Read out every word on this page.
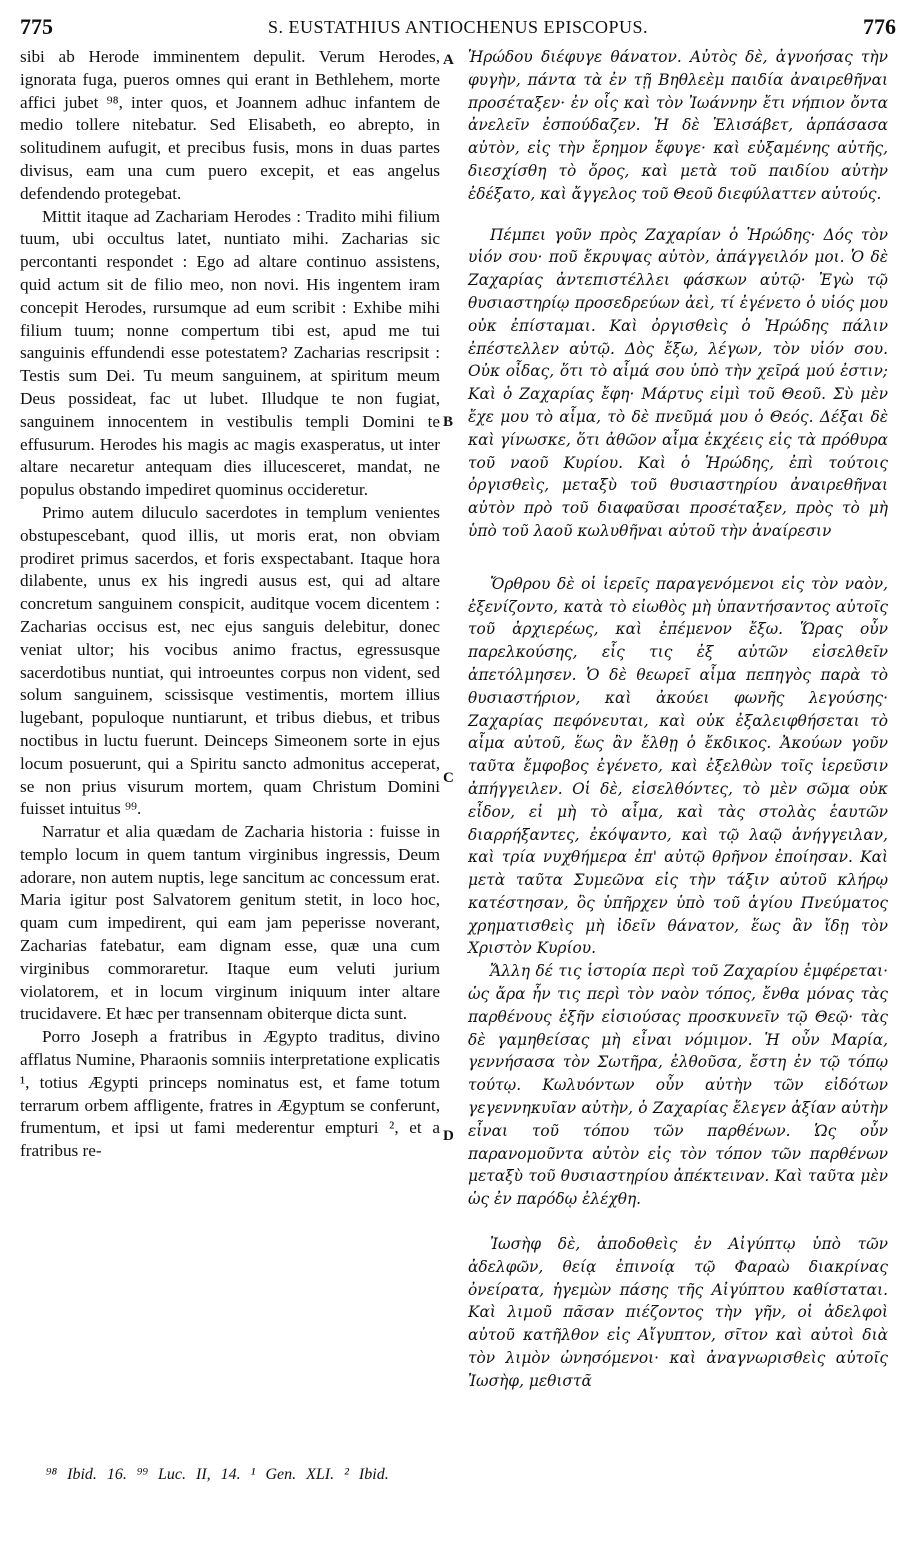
775	S. EUSTATHIUS ANTIOCHENUS EPISCOPUS.	776

sibi ab Herode imminentem depulit. Verum Herodes, ignorata fuga, pueros omnes qui erant in Bethlehem, morte affici jubet ⁹⁸, inter quos, et Joannem adhuc infantem de medio tollere nitebatur. Sed Elisabeth, eo abrepto, in solitudinem aufugit, et precibus fusis, mons in duas partes divisus, eam una cum puero excepit, et eas angelus defendendo protegebat.

Mittit itaque ad Zachariam Herodes : Tradito mihi filium tuum, ubi occultus latet, nuntiato mihi. Zacharias sic percontanti respondet : Ego ad altare continuo assistens, quid actum sit de filio meo, non novi. His ingentem iram concepit Herodes, rursumque ad eum scribit : Exhibe mihi filium tuum; nonne compertum tibi est, apud me tui sanguinis effundendi esse potestatem? Zacharias rescripsit : Testis sum Dei. Tu meum sanguinem, at spiritum meum Deus possideat, fac ut lubet. Illudque te non fugiat, sanguinem innocentem in vestibulis templi Domini te effusurum. Herodes his magis ac magis exasperatus, ut inter altare necaretur antequam dies illucesceret, mandat, ne populus obstando impediret quominus occideretur.

Primo autem diluculo sacerdotes in templum venientes obstupescebant, quod illis, ut moris erat, non obviam prodiret primus sacerdos, et foris exspectabant. Itaque hora dilabente, unus ex his ingredi ausus est, qui ad altare concretum sanguinem conspicit, auditque vocem dicentem : Zacharias occisus est, nec ejus sanguis delebitur, donec veniat ultor; his vocibus animo fractus, egressusque sacerdotibus nuntiat, qui introeuntes corpus non vident, sed solum sanguinem, scissisque vestimentis, mortem illius lugebant, populoque nuntiarunt, et tribus diebus, et tribus noctibus in luctu fuerunt. Deinceps Simeonem sorte in ejus locum posuerunt, qui a Spiritu sancto admonitus acceperat, se non prius visurum mortem, quam Christum Domini fuisset intuitus ⁹⁹.

Narratur et alia quædam de Zacharia historia : fuisse in templo locum in quem tantum virginibus ingressis, Deum adorare, non autem nuptis, lege sancitum ac concessum erat. Maria igitur post Salvatorem genitum stetit, in loco hoc, quam cum impedirent, qui eam jam peperisse noverant, Zacharias fatebatur, eam dignam esse, quæ una cum virginibus commoraretur. Itaque eum veluti jurium violatorem, et in locum virginum iniquum inter altare trucidavere. Et hæc per transennam obiterque dicta sunt.

Porro Joseph a fratribus in Ægypto traditus, divino afflatus Numine, Pharaonis somniis interpretatione explicatis ¹, totius Ægypti princeps nominatus est, et fame totum terrarum orbem affligente, fratres in Ægyptum se conferunt, frumentum, et ipsi ut fami mederentur empturi ², et a fratribus re-

A
B
C
D

Ἡρώδου διέφυγε θάνατον. Αὐτὸς δὲ, ἀγνοήσας τὴν φυγὴν, πάντα τὰ ἐν τῇ Βηθλεὲμ παιδία ἀναιρεθῆναι προσέταξεν· ἐν οἷς καὶ τὸν Ἰωάννην ἔτι νήπιον ὄντα ἀνελεῖν ἐσπούδαζεν. Ἡ δὲ Ἐλισάβετ, ἁρπάσασα αὐτὸν, εἰς τὴν ἔρημον ἔφυγε· καὶ εὐξαμένης αὐτῆς, διεσχίσθη τὸ ὄρος, καὶ μετὰ τοῦ παιδίου αὐτὴν ἐδέξατο, καὶ ἄγγελος τοῦ Θεοῦ διεφύλαττεν αὐτούς.

Πέμπει γοῦν πρὸς Ζαχαρίαν ὁ Ἡρώδης· Δός τὸν υἱόν σου· ποῦ ἔκρυψας αὐτὸν, ἀπάγγειλόν μοι. Ὁ δὲ Ζαχαρίας ἀντεπιστέλλει φάσκων αὐτῷ· Ἐγὼ τῷ θυσιαστηρίῳ προσεδρεύων ἀεὶ, τί ἐγένετο ὁ υἱός μου οὐκ ἐπίσταμαι. Καὶ ὀργισθεὶς ὁ Ἡρώδης πάλιν ἐπέστελλεν αὐτῷ. Δὸς ἔξω, λέγων, τὸν υἱόν σου. Οὐκ οἶδας, ὅτι τὸ αἷμά σου ὑπὸ τὴν χεῖρά μού ἐστιν; Καὶ ὁ Ζαχαρίας ἔφη· Μάρτυς εἰμὶ τοῦ Θεοῦ. Σὺ μὲν ἔχε μου τὸ αἷμα, τὸ δὲ πνεῦμά μου ὁ Θεός. Δέξαι δὲ καὶ γίνωσκε, ὅτι ἀθῶον αἷμα ἐκχέεις εἰς τὰ πρόθυρα τοῦ ναοῦ Κυρίου. Καὶ ὁ Ἡρώδης, ἐπὶ τούτοις ὀργισθεὶς, μεταξὺ τοῦ θυσιαστηρίου ἀναιρεθῆναι αὐτὸν πρὸ τοῦ διαφαῦσαι προσέταξεν, πρὸς τὸ μὴ ὑπὸ τοῦ λαοῦ κωλυθῆναι αὐτοῦ τὴν ἀναίρεσιν

Ὄρθρου δὲ οἱ ἱερεῖς παραγενόμενοι εἰς τὸν ναὸν, ἐξενίζοντο, κατὰ τὸ εἰωθὸς μὴ ὑπαντήσαντος αὐτοῖς τοῦ ἀρχιερέως, καὶ ἐπέμενον ἔξω. Ὥρας οὖν παρελκούσης, εἷς τις ἐξ αὐτῶν εἰσελθεῖν ἀπετόλμησεν. Ὁ δὲ θεωρεῖ αἷμα πεπηγὸς παρὰ τὸ θυσιαστήριον, καὶ ἀκούει φωνῆς λεγούσης· Ζαχαρίας πεφόνευται, καὶ οὐκ ἐξαλειφθήσεται τὸ αἷμα αὐτοῦ, ἕως ἂν ἔλθῃ ὁ ἔκδικος. Ἀκούων γοῦν ταῦτα ἔμφοβος ἐγένετο, καὶ ἐξελθὼν τοῖς ἱερεῦσιν ἀπήγγειλεν. Οἱ δὲ, εἰσελθόντες, τὸ μὲν σῶμα οὐκ εἶδον, εἰ μὴ τὸ αἷμα, καὶ τὰς στολὰς ἑαυτῶν διαρρήξαντες, ἐκόψαντο, καὶ τῷ λαῷ ἀνήγγειλαν, καὶ τρία νυχθήμερα ἐπ' αὐτῷ θρῆνον ἐποίησαν. Καὶ μετὰ ταῦτα Συμεῶνα εἰς τὴν τάξιν αὐτοῦ κλήρῳ κατέστησαν, ὃς ὑπῆρχεν ὑπὸ τοῦ ἁγίου Πνεύματος χρηματισθεὶς μὴ ἰδεῖν θάνατον, ἕως ἂν ἴδῃ τὸν Χριστὸν Κυρίου.

Ἄλλη δέ τις ἱστορία περὶ τοῦ Ζαχαρίου ἐμφέρεται· ὡς ἄρα ἦν τις περὶ τὸν ναὸν τόπος, ἔνθα μόνας τὰς παρθένους ἐξῆν εἰσιούσας προσκυνεῖν τῷ Θεῷ· τὰς δὲ γαμηθείσας μὴ εἶναι νόμιμον. Ἡ οὖν Μαρία, γεννήσασα τὸν Σωτῆρα, ἐλθοῦσα, ἔστη ἐν τῷ τόπῳ τούτῳ. Κωλυόντων οὖν αὐτὴν τῶν εἰδότων γεγεννηκυῖαν αὐτὴν, ὁ Ζαχαρίας ἔλεγεν ἀξίαν αὐτὴν εἶναι τοῦ τόπου τῶν παρθένων. Ὡς οὖν παρανομοῦντα αὐτὸν εἰς τὸν τόπον τῶν παρθένων μεταξὺ τοῦ θυσιαστηρίου ἀπέκτειναν. Καὶ ταῦτα μὲν ὡς ἐν παρόδῳ ἐλέχθη.

Ἰωσὴφ δὲ, ἀποδοθεὶς ἐν Αἰγύπτῳ ὑπὸ τῶν ἀδελφῶν, θείᾳ ἐπινοίᾳ τῷ Φαραὼ διακρίνας ὀνείρατα, ἡγεμὼν πάσης τῆς Αἰγύπτου καθίσταται. Καὶ λιμοῦ πᾶσαν πιέζοντος τὴν γῆν, οἱ ἀδελφοὶ αὐτοῦ κατῆλθον εἰς Αἴγυπτον, σῖτον καὶ αὐτοὶ διὰ τὸν λιμὸν ὠνησόμενοι· καὶ ἀναγνωρισθεὶς αὐτοῖς Ἰωσὴφ, μεθιστᾶ

⁹⁸ Ibid. 16. ⁹⁹ Luc. II, 14. ¹ Gen. XLI. ² Ibid.
